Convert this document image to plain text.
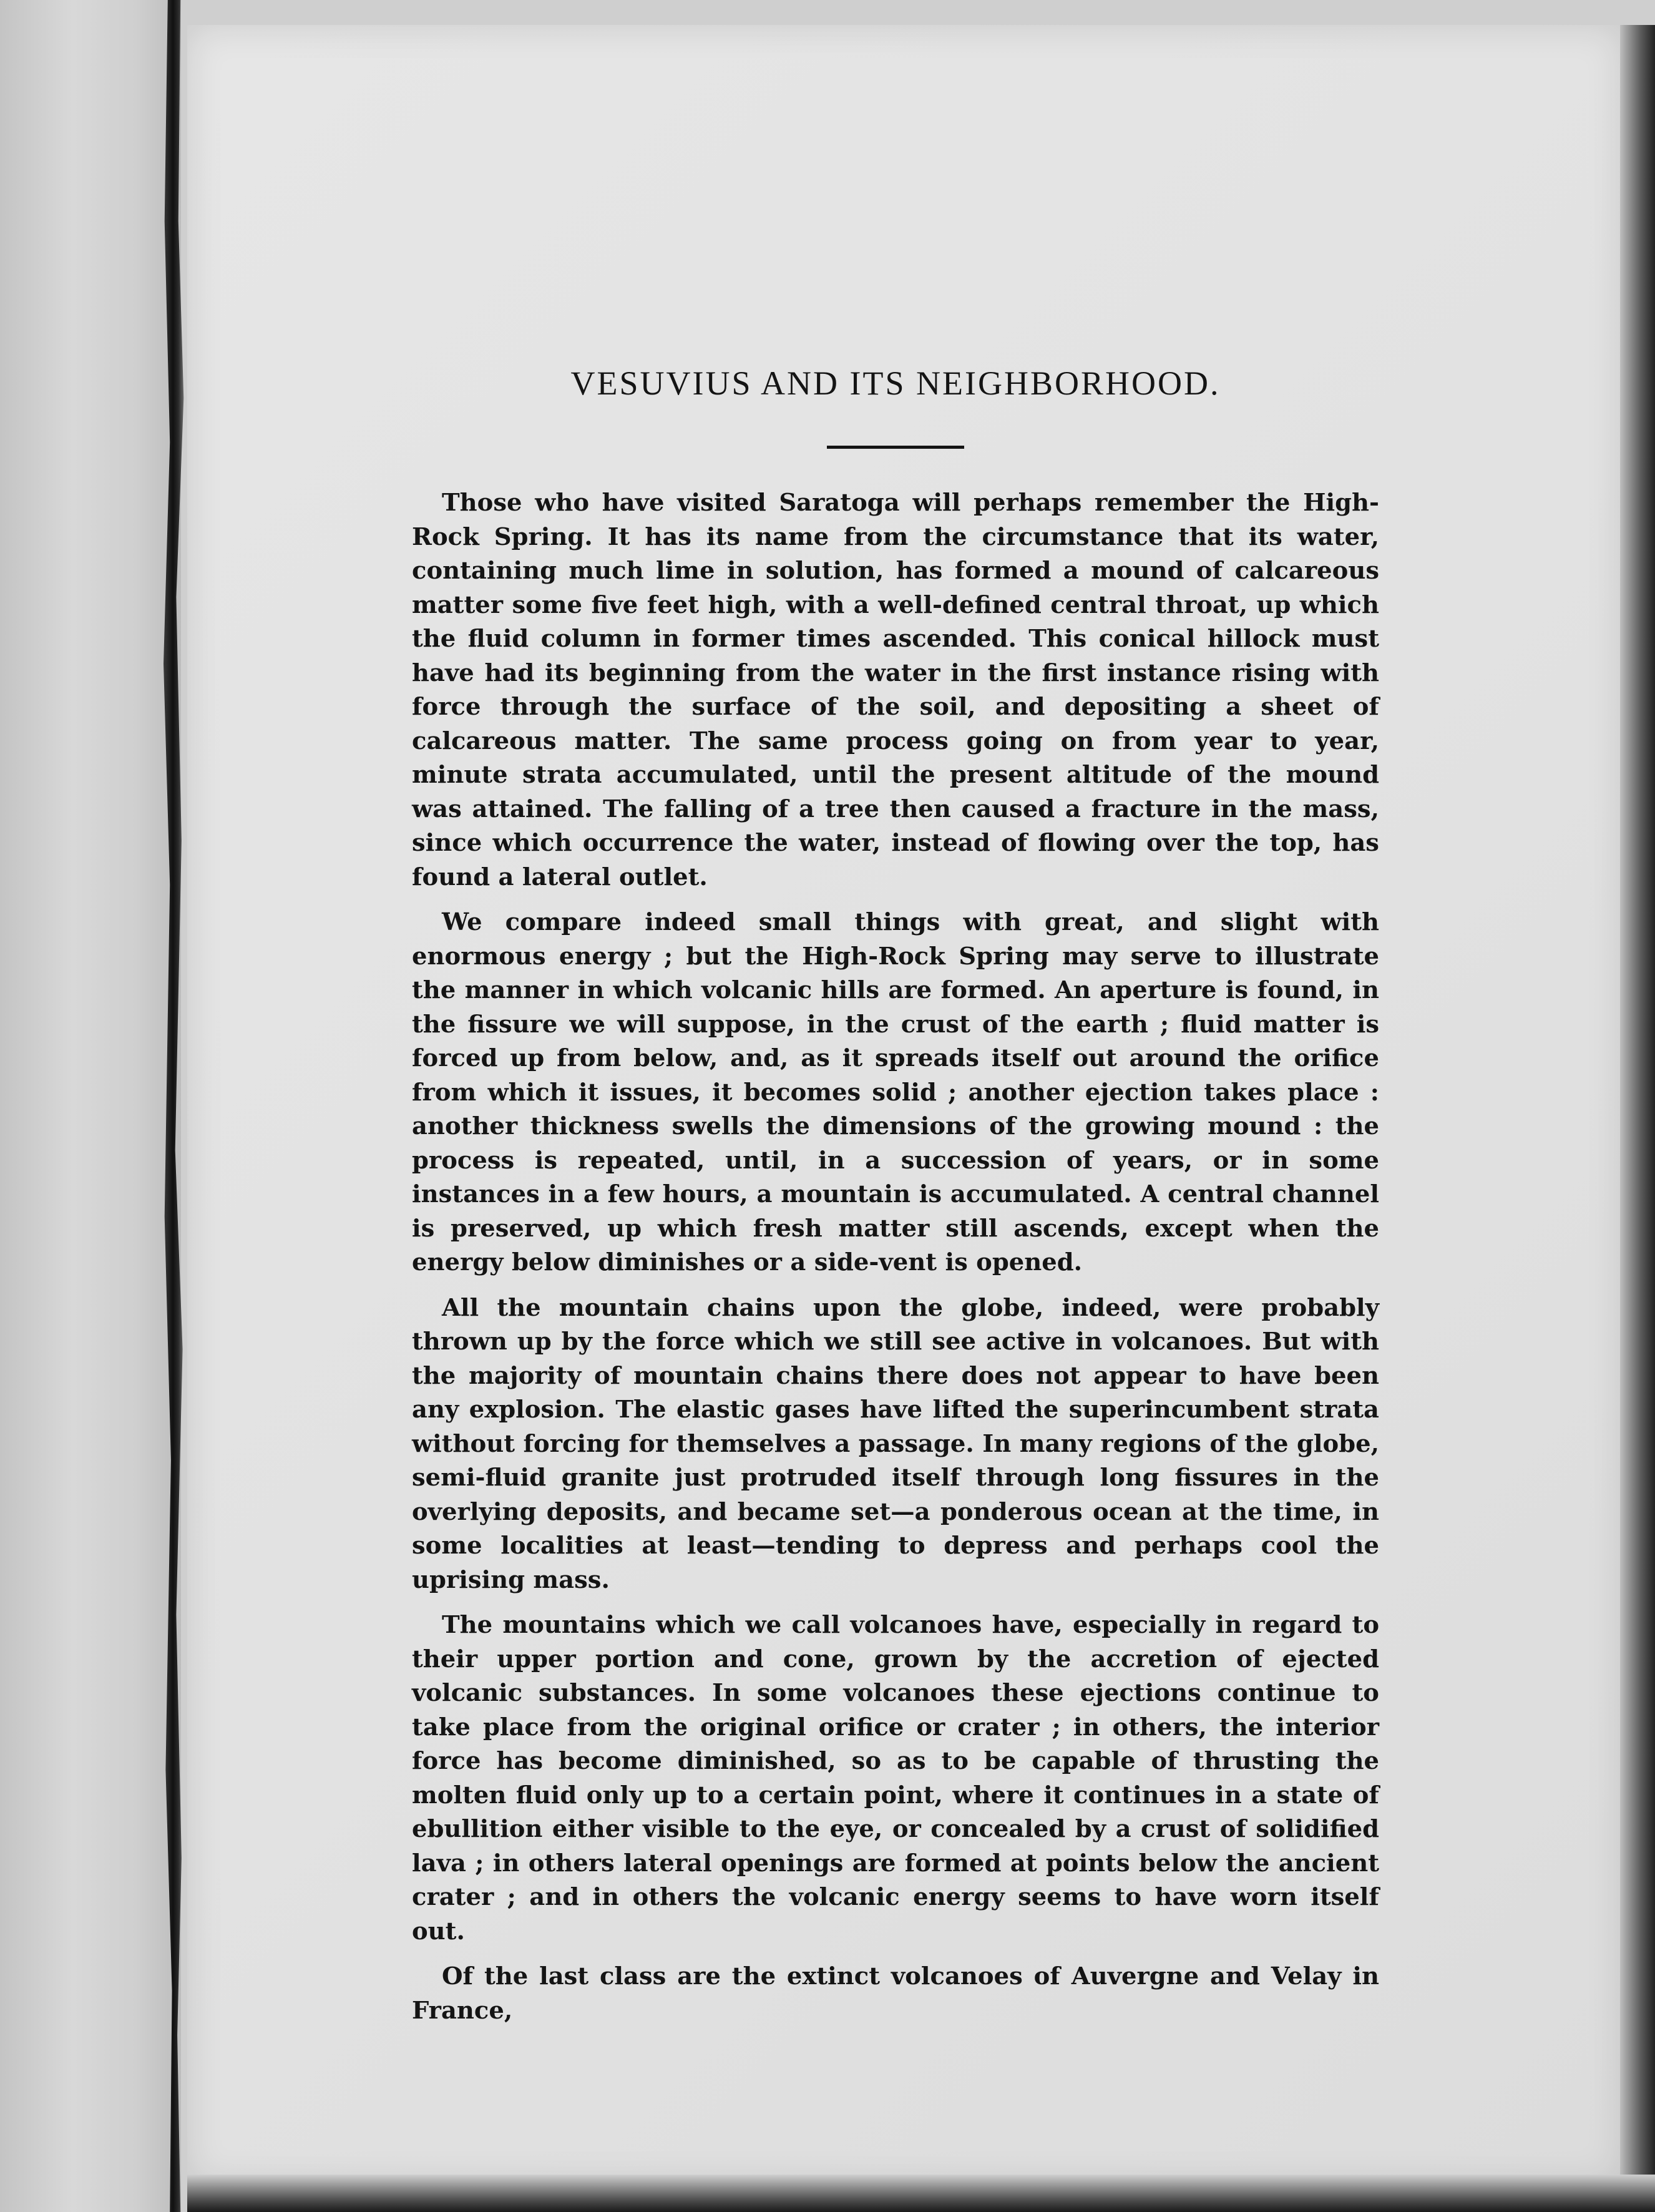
VESUVIUS AND ITS NEIGHBORHOOD.

Those who have visited Saratoga will perhaps remember the High-Rock Spring. It has its name from the circumstance that its water, containing much lime in solution, has formed a mound of calcareous matter some five feet high, with a well-defined central throat, up which the fluid column in former times ascended. This conical hillock must have had its beginning from the water in the first instance rising with force through the surface of the soil, and depositing a sheet of calcareous matter. The same process going on from year to year, minute strata accumulated, until the present altitude of the mound was attained. The falling of a tree then caused a fracture in the mass, since which occurrence the water, instead of flowing over the top, has found a lateral outlet.

We compare indeed small things with great, and slight with enormous energy ; but the High-Rock Spring may serve to illustrate the manner in which volcanic hills are formed. An aperture is found, in the fissure we will suppose, in the crust of the earth ; fluid matter is forced up from below, and, as it spreads itself out around the orifice from which it issues, it becomes solid ; another ejection takes place : another thickness swells the dimensions of the growing mound : the process is repeated, until, in a succession of years, or in some instances in a few hours, a mountain is accumulated. A central channel is preserved, up which fresh matter still ascends, except when the energy below diminishes or a side-vent is opened.

All the mountain chains upon the globe, indeed, were probably thrown up by the force which we still see active in volcanoes. But with the majority of mountain chains there does not appear to have been any explosion. The elastic gases have lifted the superincumbent strata without forcing for themselves a passage. In many regions of the globe, semi-fluid granite just protruded itself through long fissures in the overlying deposits, and became set—a ponderous ocean at the time, in some localities at least—tending to depress and perhaps cool the uprising mass.

The mountains which we call volcanoes have, especially in regard to their upper portion and cone, grown by the accretion of ejected volcanic substances. In some volcanoes these ejections continue to take place from the original orifice or crater ; in others, the interior force has become diminished, so as to be capable of thrusting the molten fluid only up to a certain point, where it continues in a state of ebullition either visible to the eye, or concealed by a crust of solidified lava ; in others lateral openings are formed at points below the ancient crater ; and in others the volcanic energy seems to have worn itself out.

Of the last class are the extinct volcanoes of Auvergne and Velay in France,
